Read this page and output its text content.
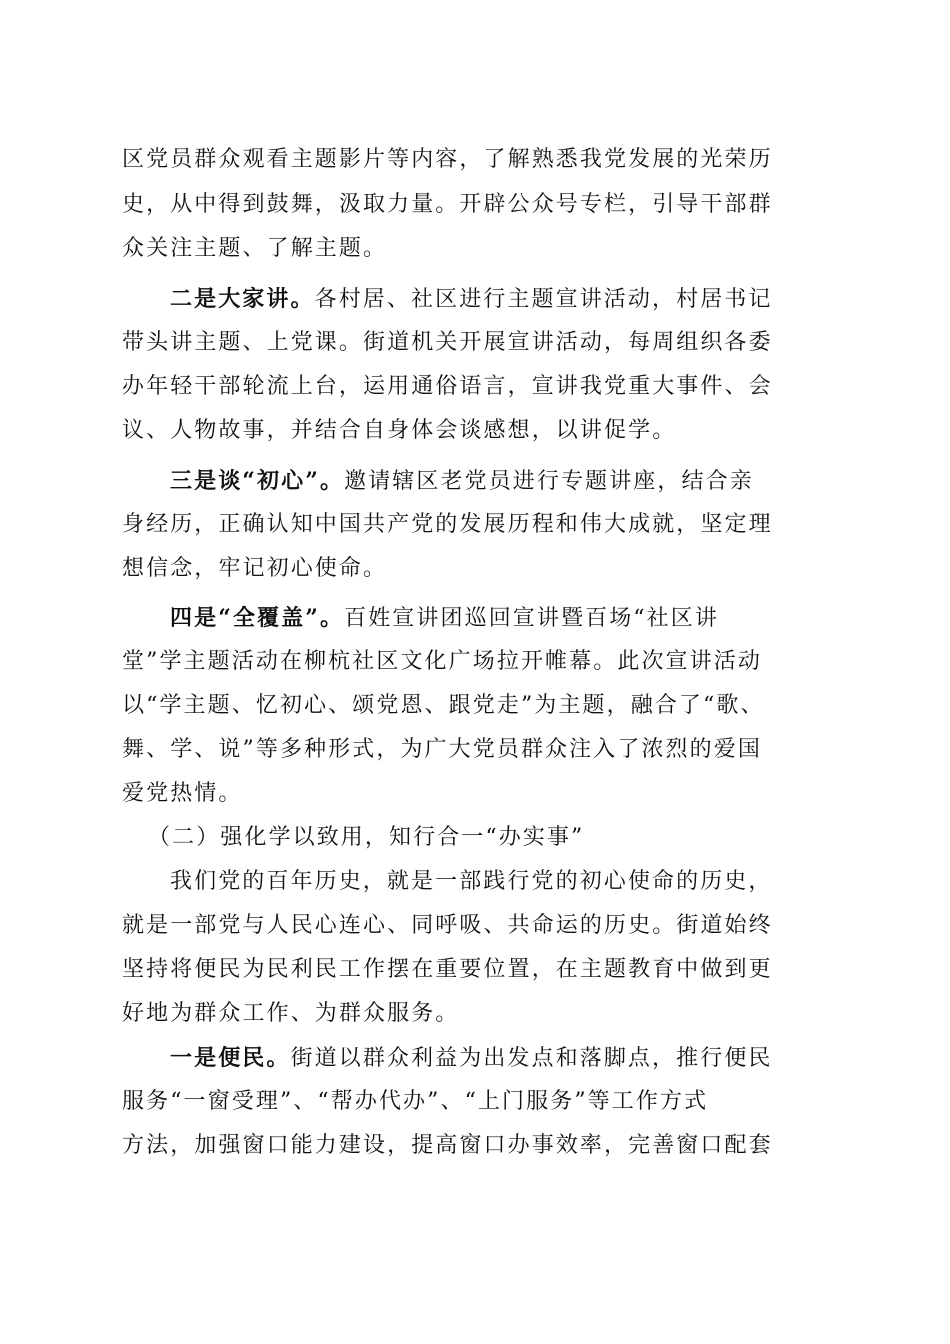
区党员群众观看主题影片等内容，了解熟悉我党发展的光荣历
史，从中得到鼓舞，汲取力量。开辟公众号专栏，引导干部群
众关注主题、了解主题。
二是大家讲。各村居、社区进行主题宣讲活动，村居书记
带头讲主题、上党课。街道机关开展宣讲活动，每周组织各委
办年轻干部轮流上台，运用通俗语言，宣讲我党重大事件、会
议、人物故事，并结合自身体会谈感想，以讲促学。
三是谈“初心”。邀请辖区老党员进行专题讲座，结合亲
身经历，正确认知中国共产党的发展历程和伟大成就，坚定理
想信念，牢记初心使命。
四是“全覆盖”。百姓宣讲团巡回宣讲暨百场“社区讲
堂”学主题活动在柳杭社区文化广场拉开帷幕。此次宣讲活动
以“学主题、忆初心、颂党恩、跟党走”为主题，融合了“歌、
舞、学、说”等多种形式，为广大党员群众注入了浓烈的爱国
爱党热情。
（二）强化学以致用，知行合一“办实事”
我们党的百年历史，就是一部践行党的初心使命的历史，
就是一部党与人民心连心、同呼吸、共命运的历史。街道始终
坚持将便民为民利民工作摆在重要位置，在主题教育中做到更
好地为群众工作、为群众服务。
一是便民。街道以群众利益为出发点和落脚点，推行便民
服务“一窗受理”、“帮办代办”、“上门服务”等工作方式
方法，加强窗口能力建设，提高窗口办事效率，完善窗口配套
